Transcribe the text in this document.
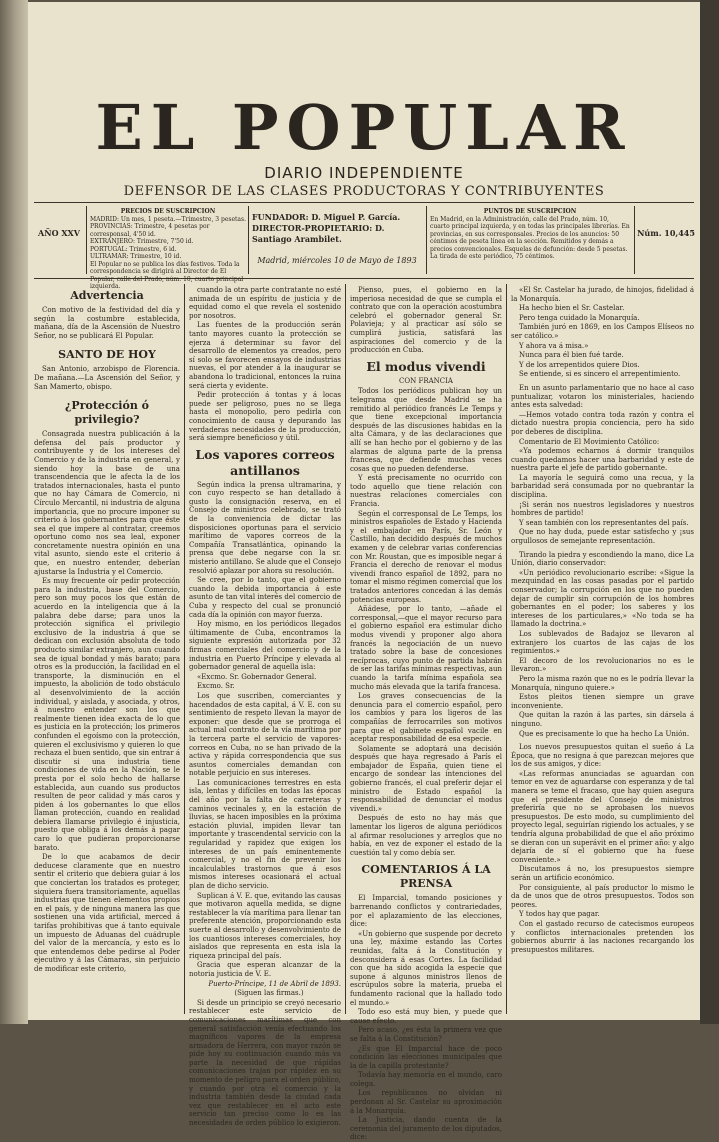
EL POPULAR
DIARIO INDEPENDIENTE
DEFENSOR DE LAS CLASES PRODUCTORAS Y CONTRIBUYENTES
AÑO XXV
PRECIOS DE SUSCRIPCION
MADRID: Un mes, 1 peseta.—Trimestre, 3 pesetas.
PROVINCIAS: Trimestre, 4 pesetas por corresponsal, 4'50 id.
EXTRANJERO: Trimestre, 7'50 id.
PORTUGAL: Trimestre, 6 id.
ULTRAMAR: Trimestre, 10 id.
El Popular no se publica los días festivos. Toda la correspondencia se dirigirá al Director de El Popular, calle del Prado, núm. 10, cuarto principal izquierda.
FUNDADOR: D. Miguel P. García.
DIRECTOR-PROPIETARIO: D. Santiago Arambilet.
Madrid, miércoles 10 de Mayo de 1893
PUNTOS DE SUSCRIPCION
En Madrid, en la Administración, calle del Prado, núm. 10, cuarto principal izquierda, y en todas las principales librerías. En provincias, en sus corresponsales. Precios de los anuncios: 50 céntimos de peseta línea en la sección. Remitidos y demás a precios convencionales. Esquelas de defunción: desde 5 pesetas. La tirada de este periódico, 75 céntimos.
Núm. 10,445
Advertencia

Con motivo de la festividad del día y según la costumbre establecida, mañana, día de la Ascensión de Nuestro Señor, no se publicará El Popular.

SANTO DE HOY

San Antonio, arzobispo de Florencia. De mañana.—La Ascensión del Señor, y San Mamerto, obispo.

¿Protección ó privilegio?

Consagrada nuestra publicación á la defensa del país productor y contribuyente y de los intereses del Comercio y de la industria en general, y siendo hoy la base de una transcendencia que le afecta la de los tratados internacionales, hasta el punto que no hay Cámara de Comercio, ni Círculo Mercantil, ni industria de alguna importancia, que no procure imponer su criterio á los gobernantes para que éste sea el que impere al contratar, creemos oportuno como nos sea leal, exponer concretamente nuestra opinión en una vital asunto, siendo este el criterio á que, en nuestro entender, deberían ajustarse la Industria y el Comercio.

Es muy frecuente oír pedir protección para la industria, base del Comercio, pero son muy pocos los que están de acuerdo en la inteligencia que á la palabra debe darse; para unos la protección significa el privilegio exclusivo de la industria á que se dedican con exclusión absoluta de todo producto similar extranjero, aun cuando sea de igual bondad y más barato; para otros es la producción, la facilidad en el transporte, la disminución en el impuesto, la abolición de todo obstáculo al desenvolvimiento de la acción individual, y aislada, y asociada, y otros, á nuestro entender son los que realmente tienen idea exacta de lo que es justicia en la protección; los primeros confunden el egoísmo con la protección, quieren el exclusivismo y quieren lo que rechaza el buen sentido, que sin entrar á discutir si una industria tiene condiciones de vida en la Nación, se le presta por el solo hecho de hallarse establecida, aun cuando sus productos resulten de peor calidad y más caros y piden á los gobernantes lo que ellos llaman protección, cuando en realidad debiera llamarse privilegio é injusticia, puesto que obliga á los demás á pagar caro lo que pudieran proporcionarse barato.

De lo que acabamos de decir deducese claramente que en nuestro sentir el criterio que debiera guiar á los que conciertan los tratados es proteger, siquiera fuera transitoriamente, aquellas industrias que tienen elementos propios en el país, y de ninguna manera las que sostienen una vida artificial, merced á tarifas prohibitivas que á tanto equivale un impuesto de Aduanas del cuádruple del valor de la mercancía, y esto es lo que entendemos debe pedirse al Poder ejecutivo y á las Cámaras, sin perjuicio de modificar este criterio,

cuando la otra parte contratante no esté animada de un espíritu de justicia y de equidad como el que revela el sostenido por nosotros.

Las fuentes de la producción serán tanto mayores cuanto la protección se ejerza á determinar su favor del desarrollo de elementos ya creados, pero sí solo se favorecen ensayos de industrias nuevas, el por atender á la inaugurar se abandona lo tradicional, entonces la ruina será cierta y evidente.

Pedir protección á tontas y á locas puede ser peligroso, pues no se llega hasta el monopolio, pero pedirla con conocimiento de causa y depurando las verdaderas necesidades de la producción, será siempre beneficioso y útil.

Los vapores correos antillanos

Según indica la prensa ultramarina, y con cuyo respecto se han detallado á gusto la consignación reserva, en el Consejo de ministros celebrado, se trató de la conveniencia de dictar las disposiciones oportunas para el servicio marítimo de vapores correos de la Compañía Transatlántica, opinando la prensa que debe negarse con la sr. misterio antillano. Se alude que el Consejo resolvió aplazar por ahora su resolución.

Se cree, por lo tanto, que el gobierno cuando la debida importancia á este asunto de tan vital interés del comercio de Cuba y respecto del cual se pronunció cada día la opinión con mayor fuerza.

Hoy mismo, en los periódicos llegados últimamente de Cuba, encontramos la siguiente expresión autorizada por 32 firmas comerciales del comercio y de la industria en Puerto Príncipe y elevada al gobernador general de aquella isla:

«Excmo. Sr. Gobernador General.

Excmo. Sr.

Los que suscriben, comerciantes y hacendados de esta capital, á V. E. con su sentimiento de respeto llevan la mayor de exponer: que desde que se prorroga el actual mal contrato de la vía marítima por la tercera parte el servicio de vapores-correos en Cuba, no se han privado de la activa y rápida correspondencia que sus asuntos comerciales demandan con notable perjuicio en sus intereses.

Las comunicaciones terrestres en esta isla, lentas y difíciles en todas las épocas del año por la falta de carreteras y caminos vecinales y, en la estación de lluvias, se hacen imposibles en la próxima estación pluvial, impiden llevar tan importante y trascendental servicio con la regularidad y rapidez que exigen los intereses de un país eminentemente comercial, y no el fin de prevenir los incalculables trastornos que á esos mismos intereses ocasionará el actual plan de dicho servicio.

Suplican á V. E. que, evitando las causas que motivaron aquella medida, se digne restablecer la vía marítima para llenar tan preferente atención, proporcionando esta suerte al desarrollo y desenvolvimiento de los cuantiosos intereses comerciales, hoy aislados que representa en esta isla la riqueza principal del país.

Gracia que esperan alcanzar de la notoria justicia de V. E.

Puerto-Príncipe, 11 de Abril de 1893.

(Siguen las firmas.)

Si desde un principio se creyó necesario restablecer este servicio de comunicaciones marítimas que con general satisfacción venía efectuando los magníficos vapores de la empresa armadora de Herrera, con mayor razón se pide hoy su continuación cuando más va parte la necesidad de que rápidas comunicaciones trajan por rápidez en su momento de peligro para el orden público, y cuando por otra el comercio y la industria también desde la ciudad cada vez que restablecer en el acto este servicio tan preciso como lo es las necesidades de orden público lo exigieron.

Pienso, pues, el gobierno en la imperiosa necesidad de que se cumpla el contrato que con la operación acostumbra celebró el gobernador general Sr. Polavieja; y al practicar así sólo se cumplirá justicia, satisfará las aspiraciones del comercio y de la producción en Cuba.

El modus vivendi
CON FRANCIA

Todos los periódicos publican hoy un telegrama que desde Madrid se ha remitido al periódico francés Le Temps y que tiene excepcional importancia después de las discusiones habidas en la alta Cámara, y de las declaraciones que allí se han hecho por el gobierno y de las alarmas de alguna parte de la prensa francesa, que defiende muchas veces cosas que no pueden defenderse.

Y está precisamente no ocurrido con todo aquello que tiene relación con nuestras relaciones comerciales con Francia.

Según el corresponsal de Le Temps, los ministros españoles de Estado y Hacienda y el embajador en París, Sr. León y Castillo, han decidido después de muchos examen y de celebrar varias conferencias con Mr. Roustan, que es imposible negar á Francia el derecho de renovar el modus vivendi franco español de 1892, para no tomar el mismo régimen comercial que los tratados anteriores concedan á las demás potencias europeas.

Añádese, por lo tanto, —añade el corresponsal,—que el mayor recurso para el gobierno español era estimular dicho modus vivendi y proponer algo ahora francés la negociación de un nuevo tratado sobre la base de concesiones recíprocas, cuyo punto de partida habrán de ser las tarifas mínimas respectivas, aun cuando la tarifa mínima española sea mucho más elevada que la tarifa francesa.

Los graves consecuencias de la denuncia para el comercio español, pero los cambios y para los ligeros de las compañías de ferrocarriles son motivos para que el gabinete español vacile en aceptar responsabilidad de esa especie.

Solamente se adoptará una decisión después que haya regresado á París el embajador de España, quien tiene el encargo de sondear las intenciones del gobierno francés, el cual preferir dejar el ministro de Estado español la responsabilidad de denunciar el modus vivendi.»

Después de esto no hay más que lamentar los ligeros de alguna periódicos al afirmar resoluciones y arreglos que no había, en vez de exponer el estado de la cuestión tal y como debía ser.

COMENTARIOS Á LA PRENSA

El Imparcial, tomando posiciones y barrenando conflictos y contrariedades, por el aplazamiento de las elecciones, dice:

«Un gobierno que suspende por decreto una ley, máxime estando las Cortes reunidas, falta á la Constitución y desconsidera á esas Cortes. La facilidad con que ha sido acogida la especie que supone á algunos ministros llenos de escrúpulos sobre la materia, prueba el fundamento racional que la hallado todo el mundo.»

Todo eso está muy bien, y puede que cause efecto.

Pero acaso, ¿es ésta la primera vez que se falta á la Constitución?

¿Es que El Imparcial hace de poco condición las elecciones municipales que la de la capilla protestante?

Todavía hay memoria en el mundo, caro colega.

Los republicanos no olvidan ni perdonan al Sr. Castelar su aproximación á la Monarquía.

La Justicia, dando cuenta de la ceremonia del juramento de los diputados, dice:

«El Sr. Castelar ha jurado, de hinojos, fidelidad á la Monarquía.

Ha hecho bien el Sr. Castelar.

Pero tenga cuidado la Monarquía.

También juró en 1869, en los Campos Elíseos no ser católico.»

Y ahora va á misa.»

Nunca para él bien fué tarde.

Y de los arrepentidos quiere Dios.

Se entiende, si es sincero el arrepentimiento.

En un asunto parlamentario que no hace al caso puntualizar, votaron los ministeriales, haciendo antes esta salvedad:

—Hemos votado contra toda razón y contra el dictado nuestra propia conciencia, pero ha sido por deberes de disciplina.

Comentario de El Movimiento Católico:

«Ya podemos echarnos á dormir tranquilos cuando quedamos hacer una barbaridad y este de nuestra parte el jefe de partido gobernante.

La mayoría le seguirá como una recua, y la barbaridad será consumada por no quebrantar la disciplina.

¡Si serán nos nuestros legisladores y nuestros hombres de partido!

Y sean también con los representantes del país.

Que no hay duda, puede estar satisfecho y ¡sus orgullosos de semejante representación.

Tirando la piedra y escondiendo la mano, dice La Unión, diario conservador:

«Un periódico revolucionario escribe: «Sigue la mezquindad en las cosas pasadas por el partido conservador; la corrupción en los que no pueden dejar de cumplir sin corrupción de los hombres gobernantes en el poder; los saberes y los intereses de los particulares,» «No toda se ha llamado la doctrina.»

Los sublevados de Badajoz se llevaron al extranjero los cuartos de las cajas de los regimientos.»

El decoro de los revolucionarios no es le llevaron.»

Pero la misma razón que no es le podría llevar la Monarquía, ninguno quiere.»

Estos pleitos tienen siempre un grave inconveniente.

Que quitan la razón á las partes, sin dársela á ninguno.

Que es precisamente lo que ha hecho La Unión.

Los nuevos presupuestos quitan el sueño á La Época, que no resigna á que parezcan mejores que los de sus amigos, y dice:

«Las reformas anunciadas se aguardan con temor en vez de aguardarse con esperanza y de tal manera se teme el fracaso, que hay quien asegura que el presidente del Consejo de ministros preferiría que no se aprobasen los nuevos presupuestos. De esto modo, su cumplimiento del proyecto legal, seguirían rigiendo los actuales, y se tendría alguna probabilidad de que el año próximo se dieran con un superávit en el primer año: y algo dejaría de sí el gobierno que ha fuese conveniente.»

Discutamos á no, los presupuestos siempre serán un artificio económico.

Por consiguiente, al país productor lo mismo le da de unos que de otros presupuestos. Todos son peores.

Y todos hay que pagar.

Con el gastado recurso de catecismos europeos y conflictos internacionales pretenden los gobiernos aburrir á las naciones recargando los presupuestos militares.
